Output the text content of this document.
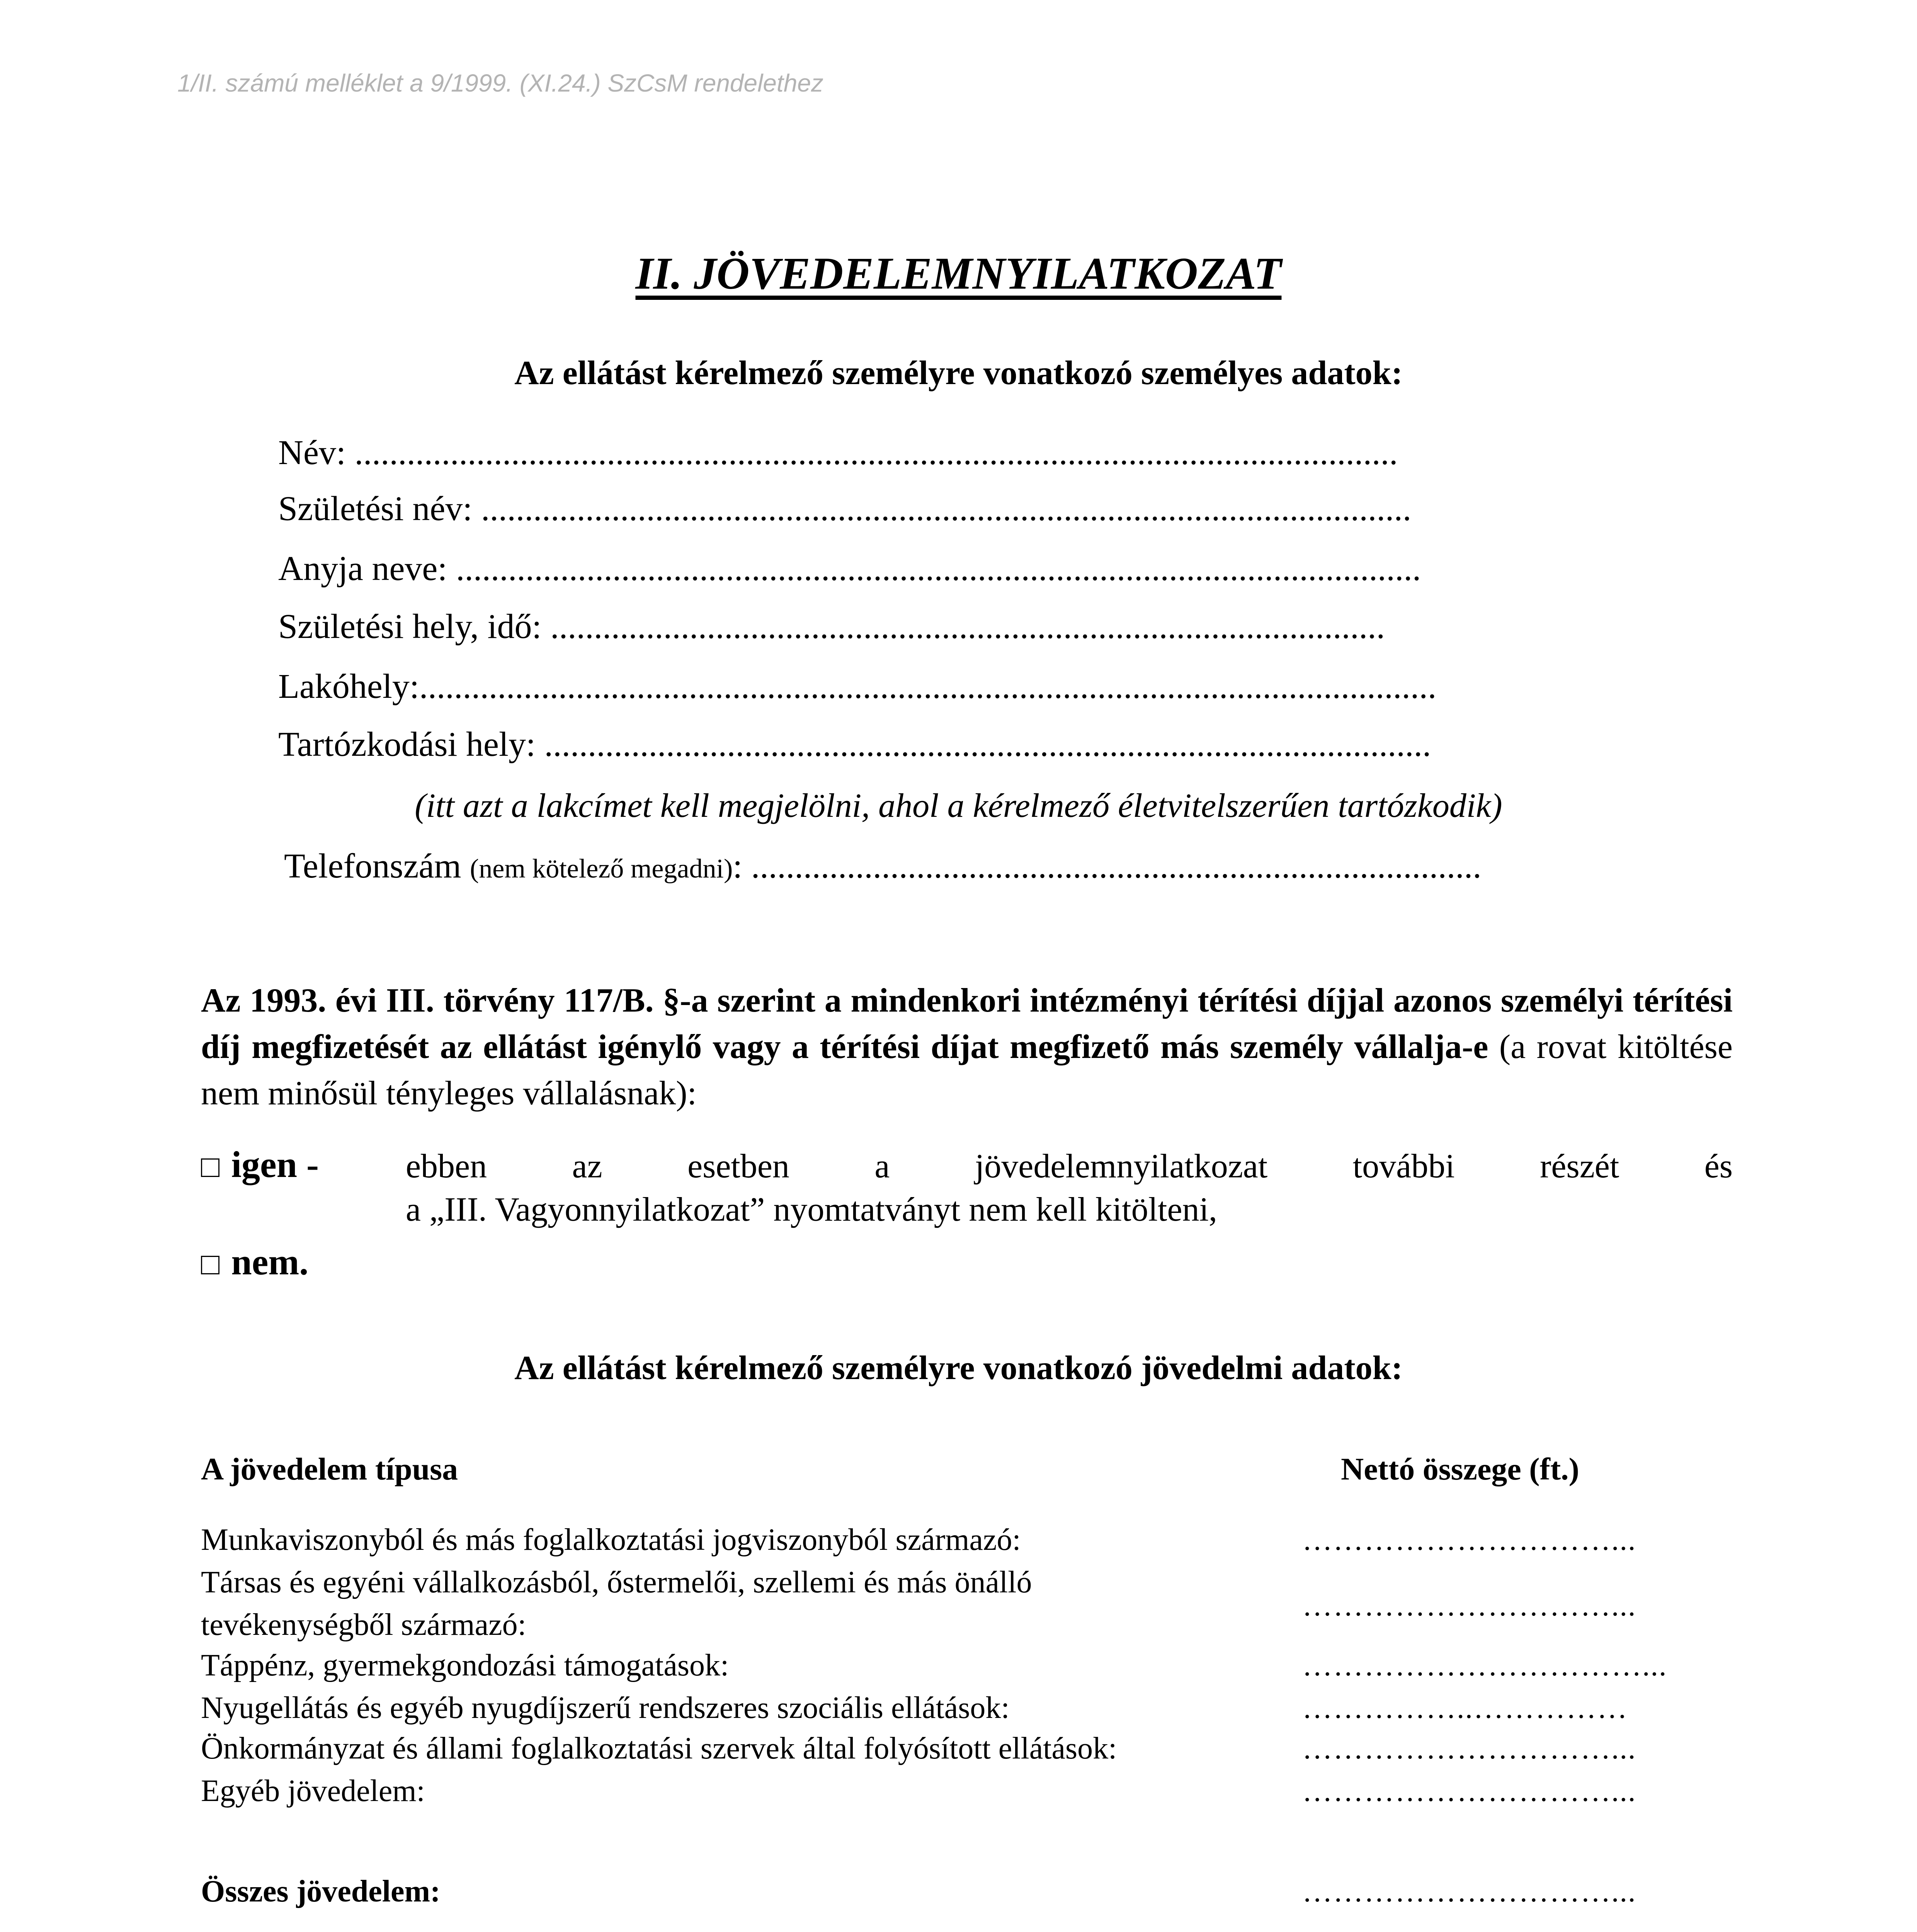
1/II. számú melléklet a 9/1999. (XI.24.) SzCsM rendelethez
II. JÖVEDELEMNYILATKOZAT
Az ellátást kérelmező személyre vonatkozó személyes adatok:
Név: ........................................................................................................................
Születési név: ...........................................................................................................
Anyja neve: ...............................................................................................................
Születési hely, idő: ................................................................................................
Lakóhely:.....................................................................................................................
Tartózkodási hely: ......................................................................................................
(itt azt a lakcímet kell megjelölni, ahol a kérelmező életvitelszerűen tartózkodik)
Telefonszám (nem kötelező megadni): ....................................................................................
Az 1993. évi III. törvény 117/B. §-a szerint a mindenkori intézményi térítési díjjal azonos személyi térítési díj megfizetését az ellátást igénylő vagy a térítési díjat megfizető más személy vállalja-e (a rovat kitöltése nem minősül tényleges vállalásnak):
□ igen -	ebben	az	esetben	a	jövedelemnyilatkozat	további	részét	és
a „III. Vagyonnyilatkozat” nyomtatványt nem kell kitölteni,
□ nem.
Az ellátást kérelmező személyre vonatkozó jövedelmi adatok:
A jövedelem típusa	Nettó összege (ft.)
Munkaviszonyból és más foglalkoztatási jogviszonyból származó:	…………………………...
Társas és egyéni vállalkozásból, őstermelői, szellemi és más önálló
tevékenységből származó:
…………………………...
Táppénz, gyermekgondozási támogatások:	……………………………...
Nyugellátás és egyéb nyugdíjszerű rendszeres szociális ellátások:	……………..……………
Önkormányzat és állami foglalkoztatási szervek által folyósított ellátások:	…………………………...
Egyéb jövedelem:	…………………………...
Összes jövedelem:	…………………………...
